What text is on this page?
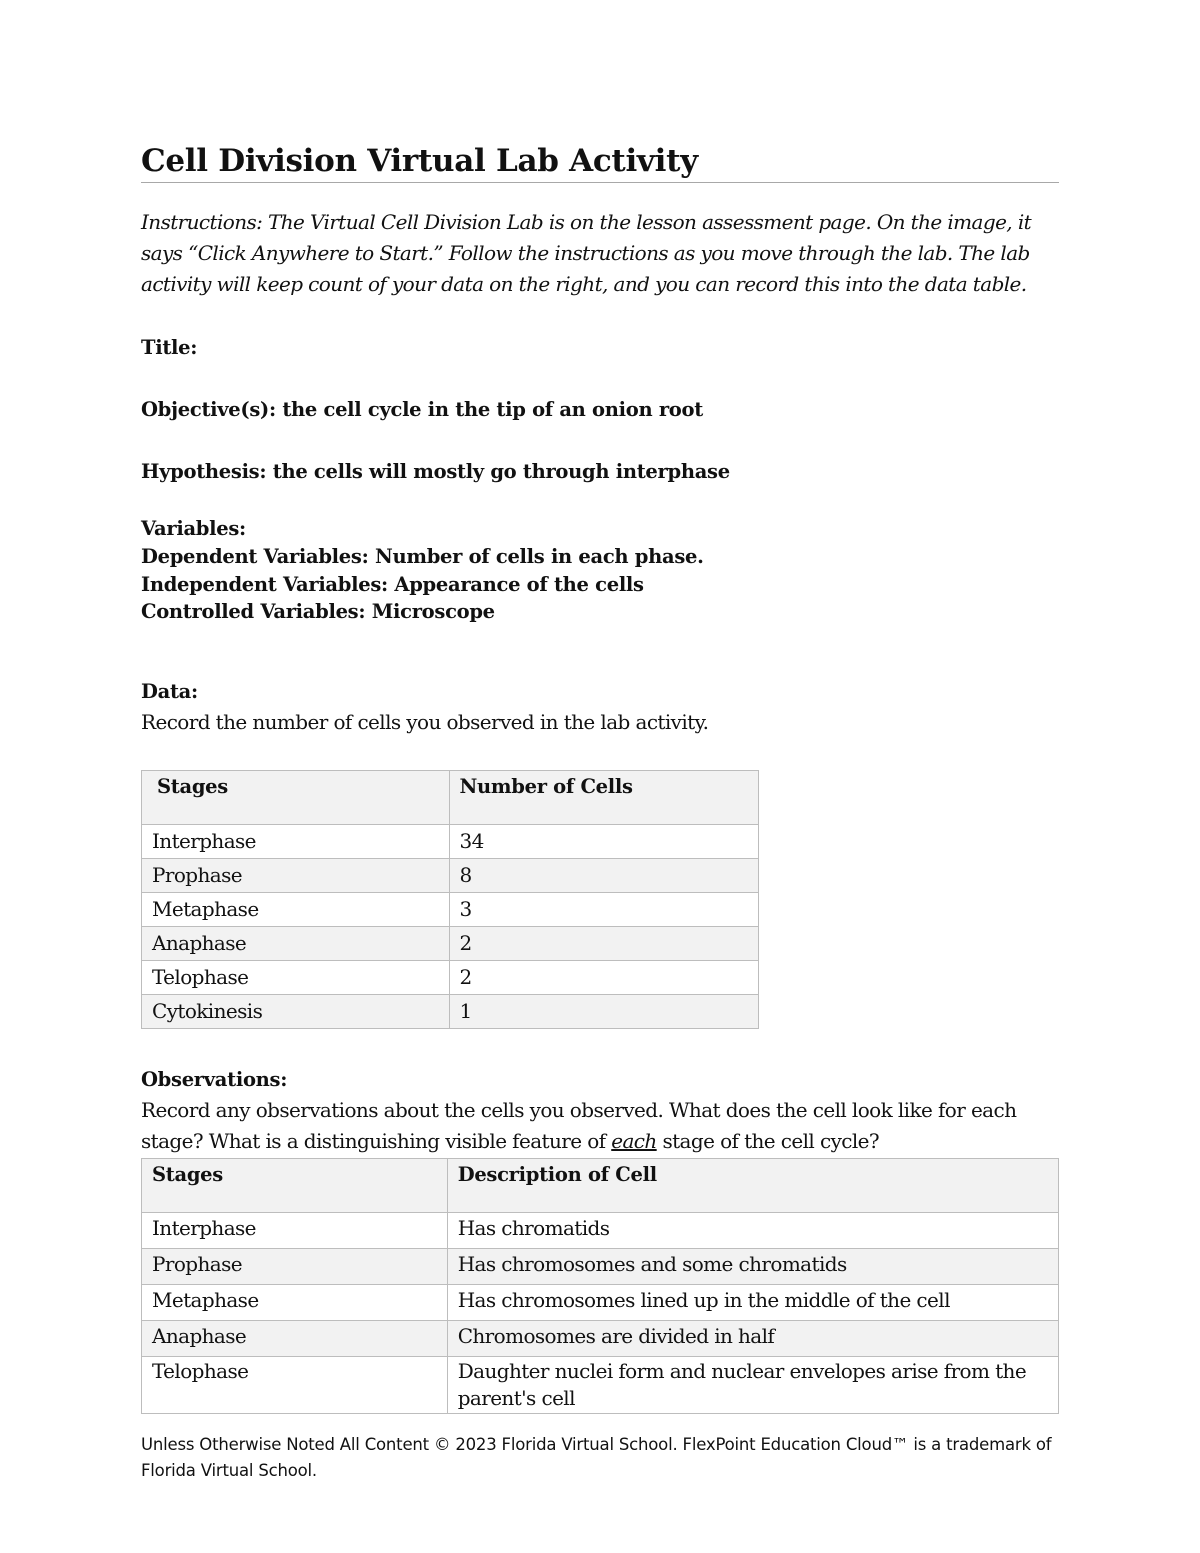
Cell Division Virtual Lab Activity
Instructions: The Virtual Cell Division Lab is on the lesson assessment page. On the image, it says “Click Anywhere to Start.” Follow the instructions as you move through the lab. The lab activity will keep count of your data on the right, and you can record this into the data table.
Title:
Objective(s): the cell cycle in the tip of an onion root
Hypothesis: the cells will mostly go through interphase
Variables:
Dependent Variables: Number of cells in each phase.
Independent Variables: Appearance of the cells
Controlled Variables: Microscope
Data:
Record the number of cells you observed in the lab activity.
Stages	Number of Cells
Interphase	34
Prophase	8
Metaphase	3
Anaphase	2
Telophase	2
Cytokinesis	1
Observations:
Record any observations about the cells you observed. What does the cell look like for each stage? What is a distinguishing visible feature of each stage of the cell cycle?
Stages	Description of Cell
Interphase	Has chromatids
Prophase	Has chromosomes and some chromatids
Metaphase	Has chromosomes lined up in the middle of the cell
Anaphase	Chromosomes are divided in half
Telophase	Daughter nuclei form and nuclear envelopes arise from the parent's cell
Unless Otherwise Noted All Content © 2023 Florida Virtual School. FlexPoint Education Cloud™ is a trademark of Florida Virtual School.
